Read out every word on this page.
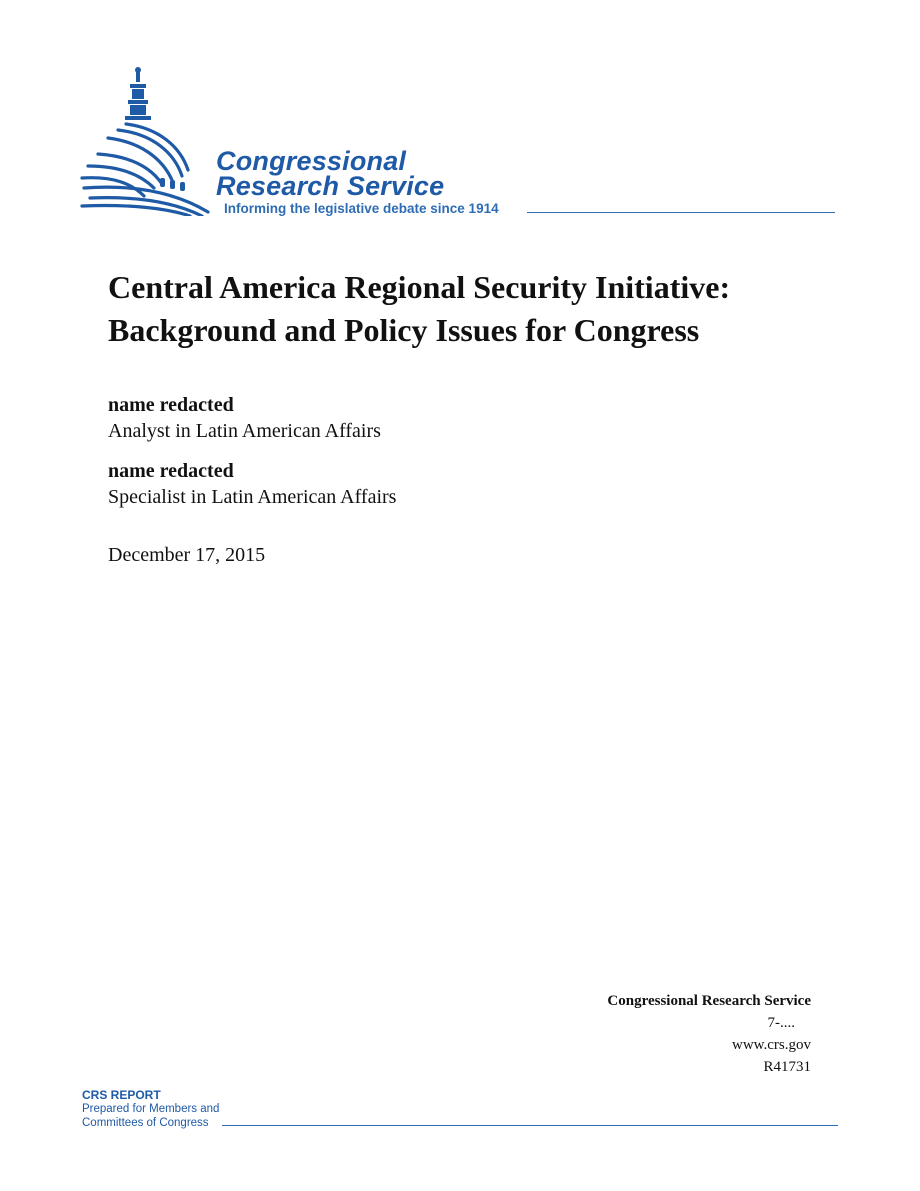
Congressional
Research Service
Informing the legislative debate since 1914
Central America Regional Security Initiative:
Background and Policy Issues for Congress
name redacted
Analyst in Latin American Affairs
name redacted
Specialist in Latin American Affairs
December 17, 2015
Congressional Research Service
7-....
www.crs.gov
R41731
CRS REPORT
Prepared for Members and
Committees of Congress
